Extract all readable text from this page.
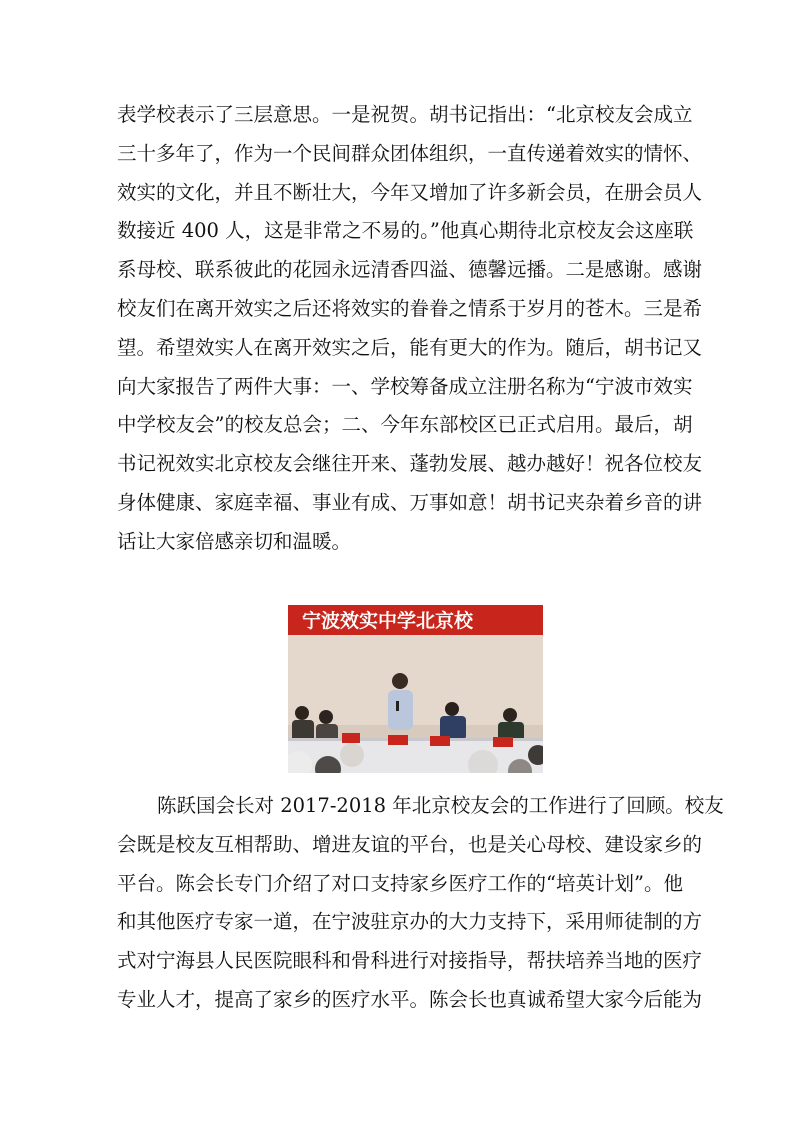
表学校表示了三层意思。一是祝贺。胡书记指出：“北京校友会成立
三十多年了，作为一个民间群众团体组织，一直传递着效实的情怀、
效实的文化，并且不断壮大，今年又增加了许多新会员，在册会员人
数接近 400 人，这是非常之不易的。”他真心期待北京校友会这座联
系母校、联系彼此的花园永远清香四溢、德馨远播。二是感谢。感谢
校友们在离开效实之后还将效实的眷眷之情系于岁月的苍木。三是希
望。希望效实人在离开效实之后，能有更大的作为。随后，胡书记又
向大家报告了两件大事：一、学校筹备成立注册名称为“宁波市效实
中学校友会”的校友总会；二、今年东部校区已正式启用。最后，胡
书记祝效实北京校友会继往开来、蓬勃发展、越办越好！祝各位校友
身体健康、家庭幸福、事业有成、万事如意！胡书记夹杂着乡音的讲
话让大家倍感亲切和温暖。
宁波效实中学北京校
陈跃国会长对 2017-2018 年北京校友会的工作进行了回顾。校友
会既是校友互相帮助、增进友谊的平台，也是关心母校、建设家乡的
平台。陈会长专门介绍了对口支持家乡医疗工作的“培英计划”。他
和其他医疗专家一道，在宁波驻京办的大力支持下，采用师徒制的方
式对宁海县人民医院眼科和骨科进行对接指导，帮扶培养当地的医疗
专业人才，提高了家乡的医疗水平。陈会长也真诚希望大家今后能为
